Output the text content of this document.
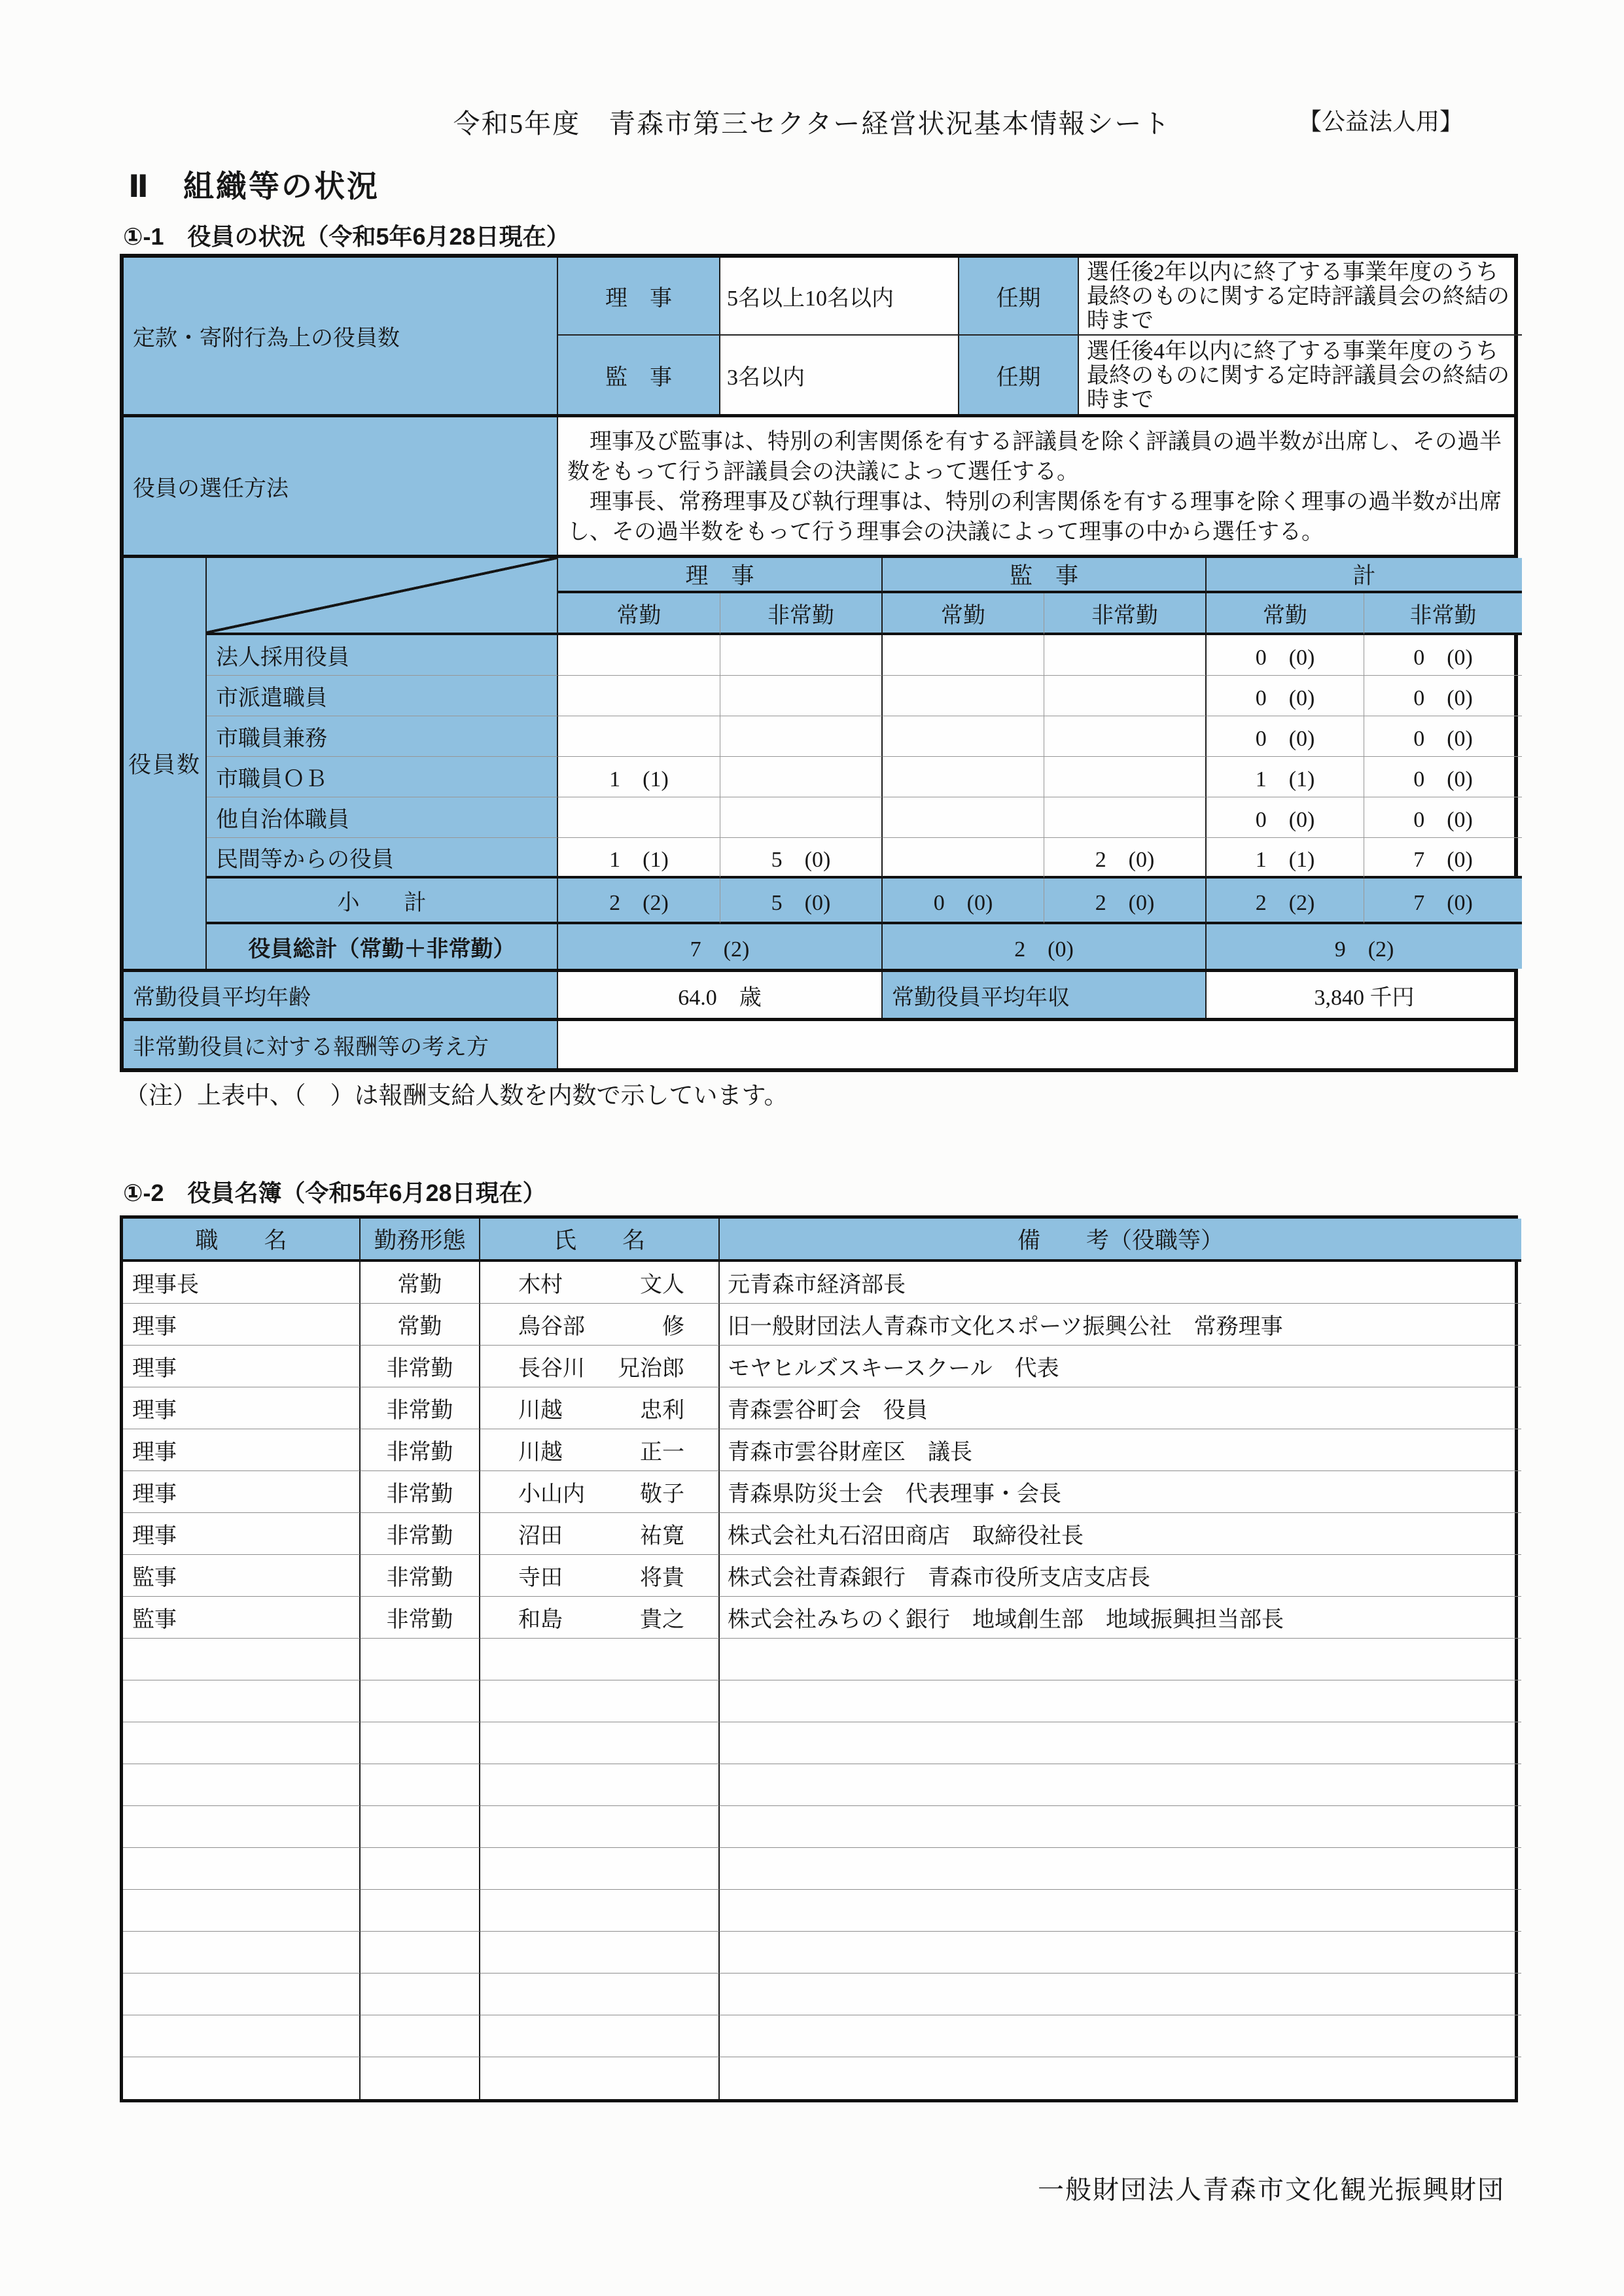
令和5年度　青森市第三セクター経営状況基本情報シート	【公益法人用】
Ⅱ　組織等の状況
①-1　役員の状況（令和5年6月28日現在）
定款・寄附行為上の役員数	理　事	5名以上10名以内	任期	選任後2年以内に終了する事業年度のうち最終のものに関する定時評議員会の終結の時まで
	監　事	3名以内	任期	選任後4年以内に終了する事業年度のうち最終のものに関する定時評議員会の終結の時まで
役員の選任方法	
　理事及び監事は、特別の利害関係を有する評議員を除く評議員の過半数が出席し、その過半数をもって行う評議員会の決議によって選任する。
　理事長、常務理事及び執行理事は、特別の利害関係を有する理事を除く理事の過半数が出席し、その過半数をもって行う理事会の決議によって理事の中から選任する。
役員数		理　事		監　事		計	
		常勤	非常勤	常勤	非常勤	常勤	非常勤
	法人採用役員					0　(0)	0　(0)
	市派遣職員					0　(0)	0　(0)
	市職員兼務					0　(0)	0　(0)
	市職員ＯＢ	1　(1)				1　(1)	0　(0)
	他自治体職員					0　(0)	0　(0)
	民間等からの役員	1　(1)	5　(0)		2　(0)	1　(1)	7　(0)
	小　　計	2　(2)	5　(0)	0　(0)	2　(0)	2　(2)	7　(0)
	役員総計（常勤＋非常勤）	7　(2)		2　(0)		9　(2)	
常勤役員平均年齢	64.0　歳	常勤役員平均年収	3,840 千円
非常勤役員に対する報酬等の考え方	
（注）上表中、（　）は報酬支給人数を内数で示しています。
①-2　役員名簿（令和5年6月28日現在）
職　　名	勤務形態	氏　　名	備　　考（役職等）
理事長	常勤	木村 文人	元青森市経済部長
理事	常勤	鳥谷部 修	旧一般財団法人青森市文化スポーツ振興公社　常務理事
理事	非常勤	長谷川 兄治郎	モヤヒルズスキースクール　代表
理事	非常勤	川越 忠利	青森雲谷町会　役員
理事	非常勤	川越 正一	青森市雲谷財産区　議長
理事	非常勤	小山内 敬子	青森県防災士会　代表理事・会長
理事	非常勤	沼田 祐寛	株式会社丸石沼田商店　取締役社長
監事	非常勤	寺田 将貴	株式会社青森銀行　青森市役所支店支店長
監事	非常勤	和島 貴之	株式会社みちのく銀行　地域創生部　地域振興担当部長

一般財団法人青森市文化観光振興財団
